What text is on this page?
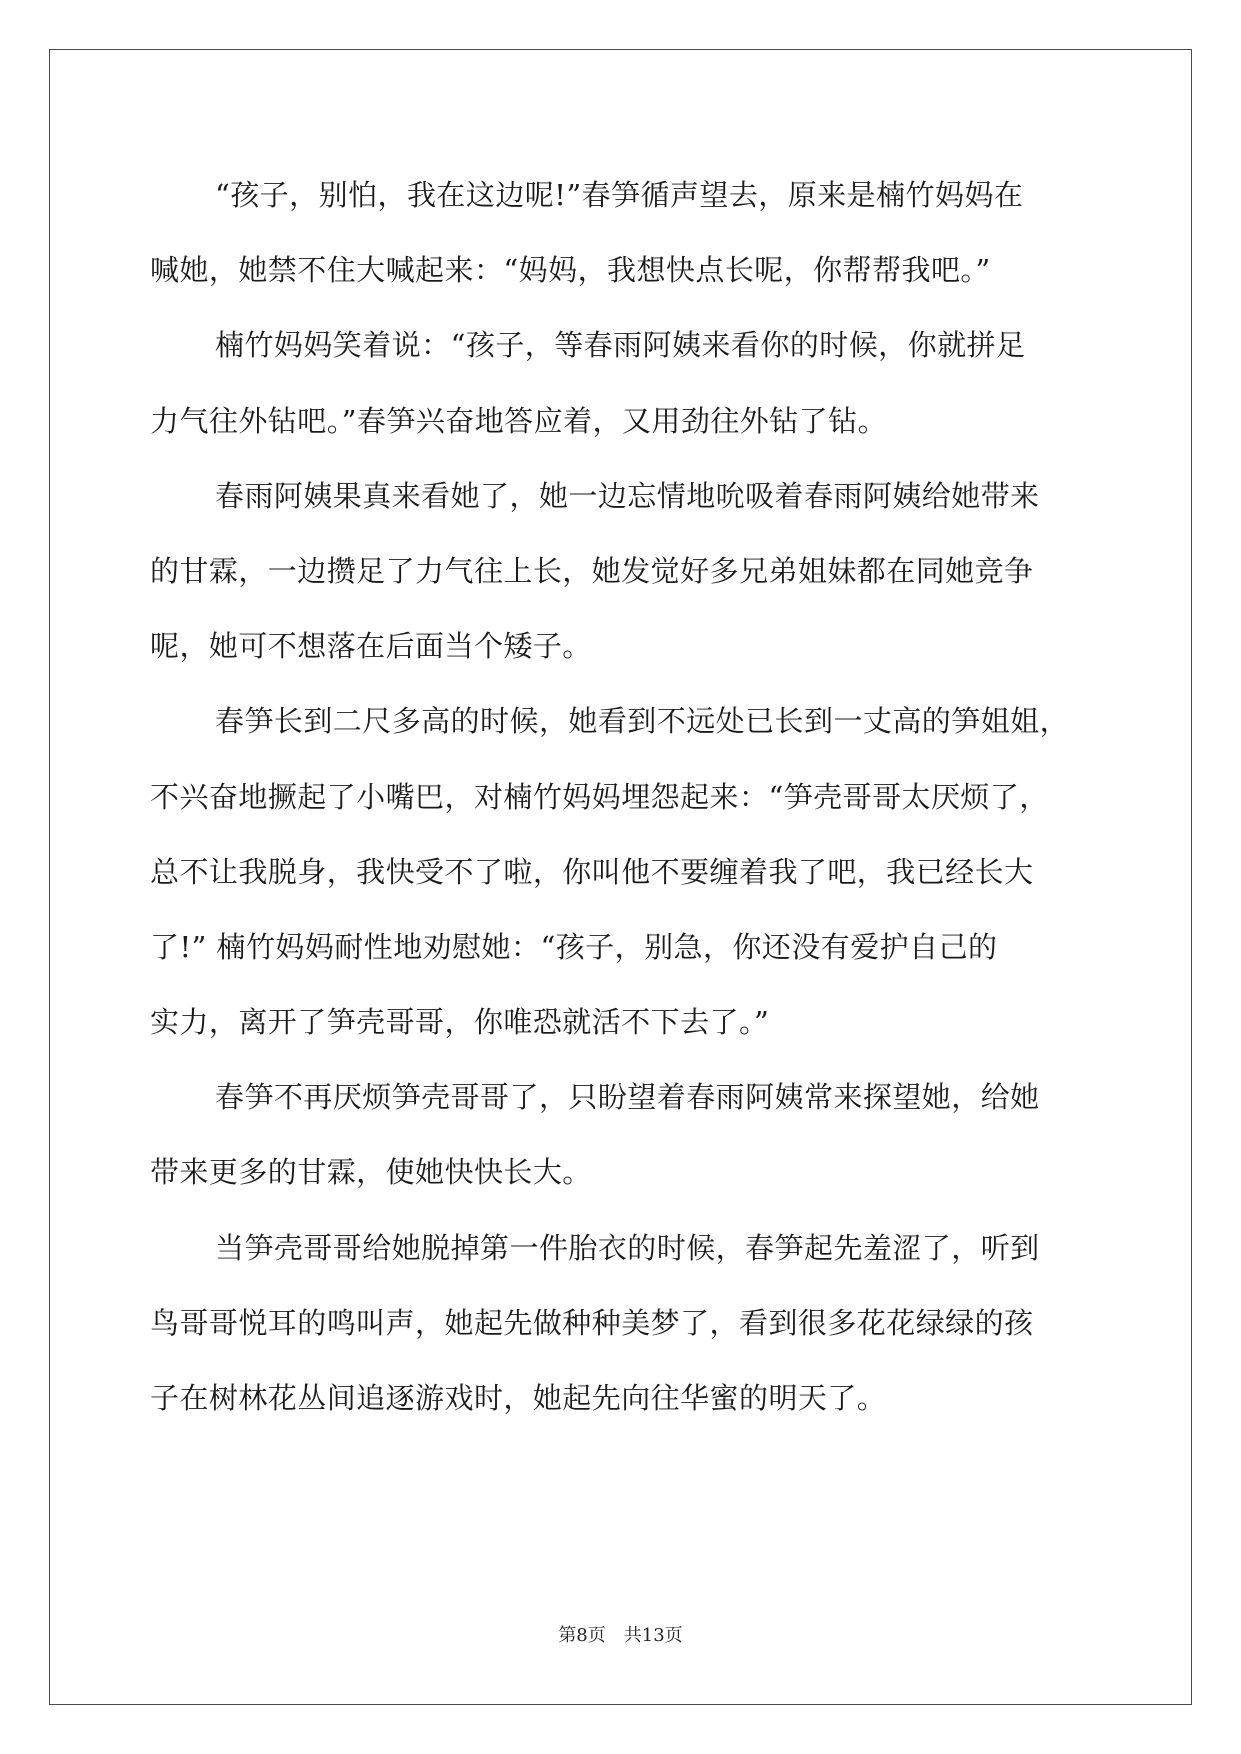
“孩子，别怕，我在这边呢!”春笋循声望去，原来是楠竹妈妈在
喊她，她禁不住大喊起来：“妈妈，我想快点长呢，你帮帮我吧。”
楠竹妈妈笑着说：“孩子，等春雨阿姨来看你的时候，你就拼足
力气往外钻吧。”春笋兴奋地答应着，又用劲往外钻了钻。
春雨阿姨果真来看她了，她一边忘情地吮吸着春雨阿姨给她带来
的甘霖，一边攒足了力气往上长，她发觉好多兄弟姐妹都在同她竞争
呢，她可不想落在后面当个矮子。
春笋长到二尺多高的时候，她看到不远处已长到一丈高的笋姐姐，
不兴奋地撅起了小嘴巴，对楠竹妈妈埋怨起来：“笋壳哥哥太厌烦了，
总不让我脱身，我快受不了啦，你叫他不要缠着我了吧，我已经长大
了!” 楠竹妈妈耐性地劝慰她：“孩子，别急，你还没有爱护自己的
实力，离开了笋壳哥哥，你唯恐就活不下去了。”
春笋不再厌烦笋壳哥哥了，只盼望着春雨阿姨常来探望她，给她
带来更多的甘霖，使她快快长大。
当笋壳哥哥给她脱掉第一件胎衣的时候，春笋起先羞涩了，听到
鸟哥哥悦耳的鸣叫声，她起先做种种美梦了，看到很多花花绿绿的孩
子在树林花丛间追逐游戏时，她起先向往华蜜的明天了。
第8页 共13页
